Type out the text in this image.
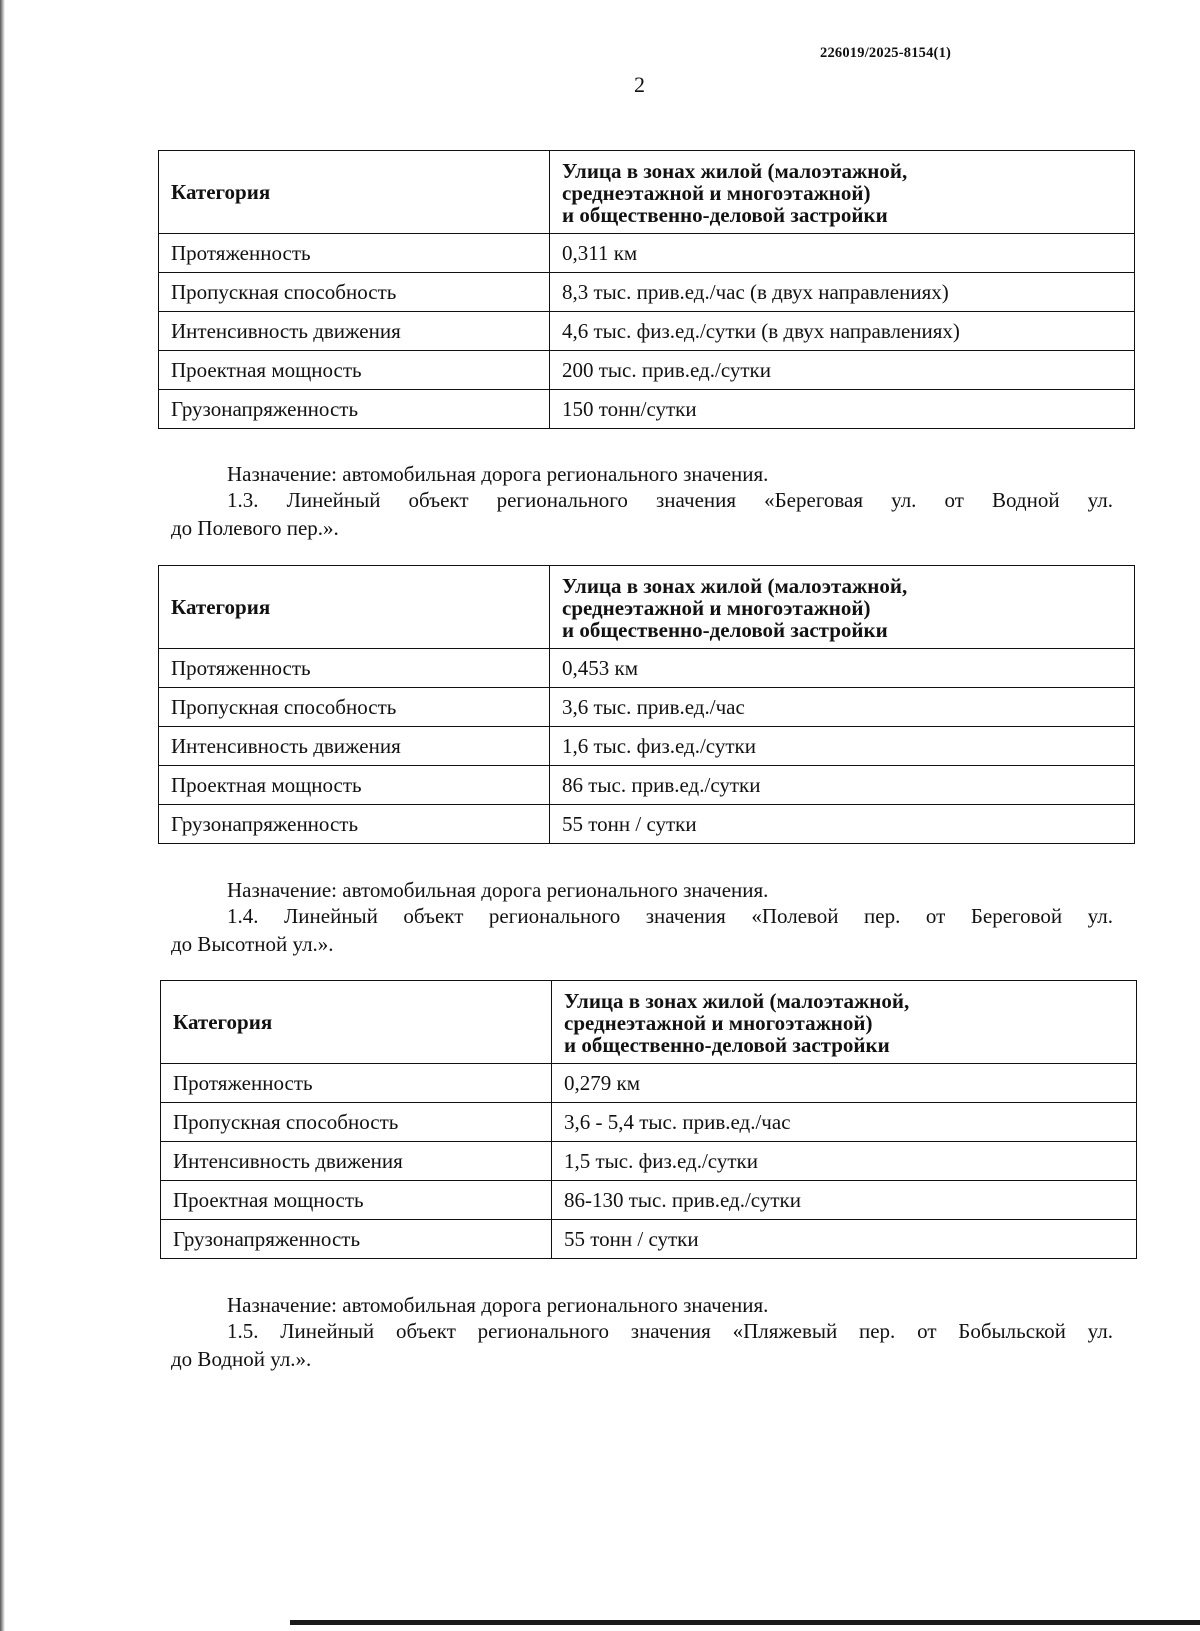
226019/2025-8154(1)
2
Категория	Улица в зонах жилой (малоэтажной,
среднеэтажной и многоэтажной)
и общественно-деловой застройки

Протяженность	0,311 км
Пропускная способность	8,3 тыс. прив.ед./час (в двух направлениях)
Интенсивность движения	4,6 тыс. физ.ед./сутки (в двух направлениях)
Проектная мощность	200 тыс. прив.ед./сутки
Грузонапряженность	150 тонн/сутки
Назначение: автомобильная дорога регионального значения.
1.3. Линейный объект регионального значения «Береговая ул. от Водной ул.
до Полевого пер.».
Категория	Улица в зонах жилой (малоэтажной,
среднеэтажной и многоэтажной)
и общественно-деловой застройки

Протяженность	0,453 км
Пропускная способность	3,6 тыс. прив.ед./час
Интенсивность движения	1,6 тыс. физ.ед./сутки
Проектная мощность	86 тыс. прив.ед./сутки
Грузонапряженность	55 тонн / сутки
Назначение: автомобильная дорога регионального значения.
1.4. Линейный объект регионального значения «Полевой пер. от Береговой ул.
до Высотной ул.».
Категория	Улица в зонах жилой (малоэтажной,
среднеэтажной и многоэтажной)
и общественно-деловой застройки

Протяженность	0,279 км
Пропускная способность	3,6 - 5,4 тыс. прив.ед./час
Интенсивность движения	1,5 тыс. физ.ед./сутки
Проектная мощность	86-130 тыс. прив.ед./сутки
Грузонапряженность	55 тонн / сутки
Назначение: автомобильная дорога регионального значения.
1.5. Линейный объект регионального значения «Пляжевый пер. от Бобыльской ул.
до Водной ул.».
